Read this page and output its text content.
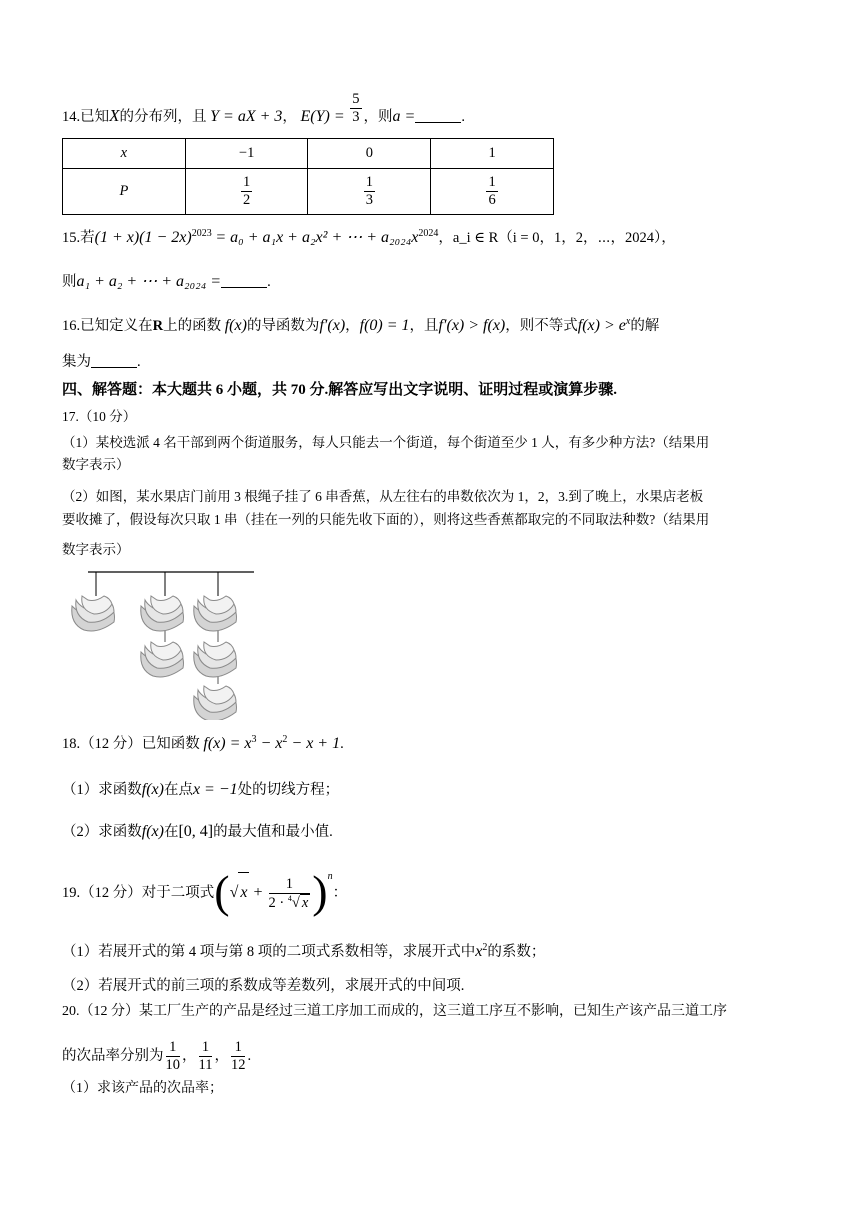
14.已知X的分布列，且 Y = aX + 3， $E(Y) = \frac{5}{3}$ ，则a =	.
x	−1	0	1
P	$\frac{1}{2}$	$\frac{1}{3}$	$\frac{1}{6}$
15.若$(1 + x)(1 - 2x)^{2023} = a_0 + a_1x + a_2x^2$ + ⋯ + $a_{2024}x^{2024}$，a_i ∈ R（i = 0，1，2，⋯，2024），
则a₁ + a₂ + ⋯ + a₂₀₂₄ =	.
16.已知定义在R上的函数 f(x)的导函数为f′(x)，f(0) = 1，且f′(x) > f(x)，则不等式$f(x) > e^x$的解
集为	.
四、解答题：本大题共 6 小题，共 70 分.解答应写出文字说明、证明过程或演算步骤.
17.（10 分）
（1）某校选派 4 名干部到两个街道服务，每人只能去一个街道，每个街道至少 1 人，有多少种方法?（结果用
数字表示）
（2）如图，某水果店门前用 3 根绳子挂了 6 串香蕉，从左往右的串数依次为 1，2，3.到了晚上，水果店老板
要收摊了，假设每次只取 1 串（挂在一列的只能先收下面的），则将这些香蕉都取完的不同取法种数?（结果用
数字表示）
18.（12 分）已知函数 $f(x) = x^3 - x^2 - x + 1$.
（1）求函数f(x)在点x = −1处的切线方程；
（2）求函数f(x)在[0, 4]的最大值和最小值.
19.（12 分）对于二项式(√ $x + \frac{1}{2 \cdot ^4√ x} )^n$：
（1）若展开式的第 4 项与第 8 项的二项式系数相等，求展开式中$x^2$的系数；
（2）若展开式的前三项的系数成等差数列，求展开式的中间项.
20.（12 分）某工厂生产的产品是经过三道工序加工而成的，这三道工序互不影响，已知生产该产品三道工序
的次品率分别为 $\frac{1}{10}$ ， $\frac{1}{11}$ ， $\frac{1}{12}$ .
（1）求该产品的次品率；
